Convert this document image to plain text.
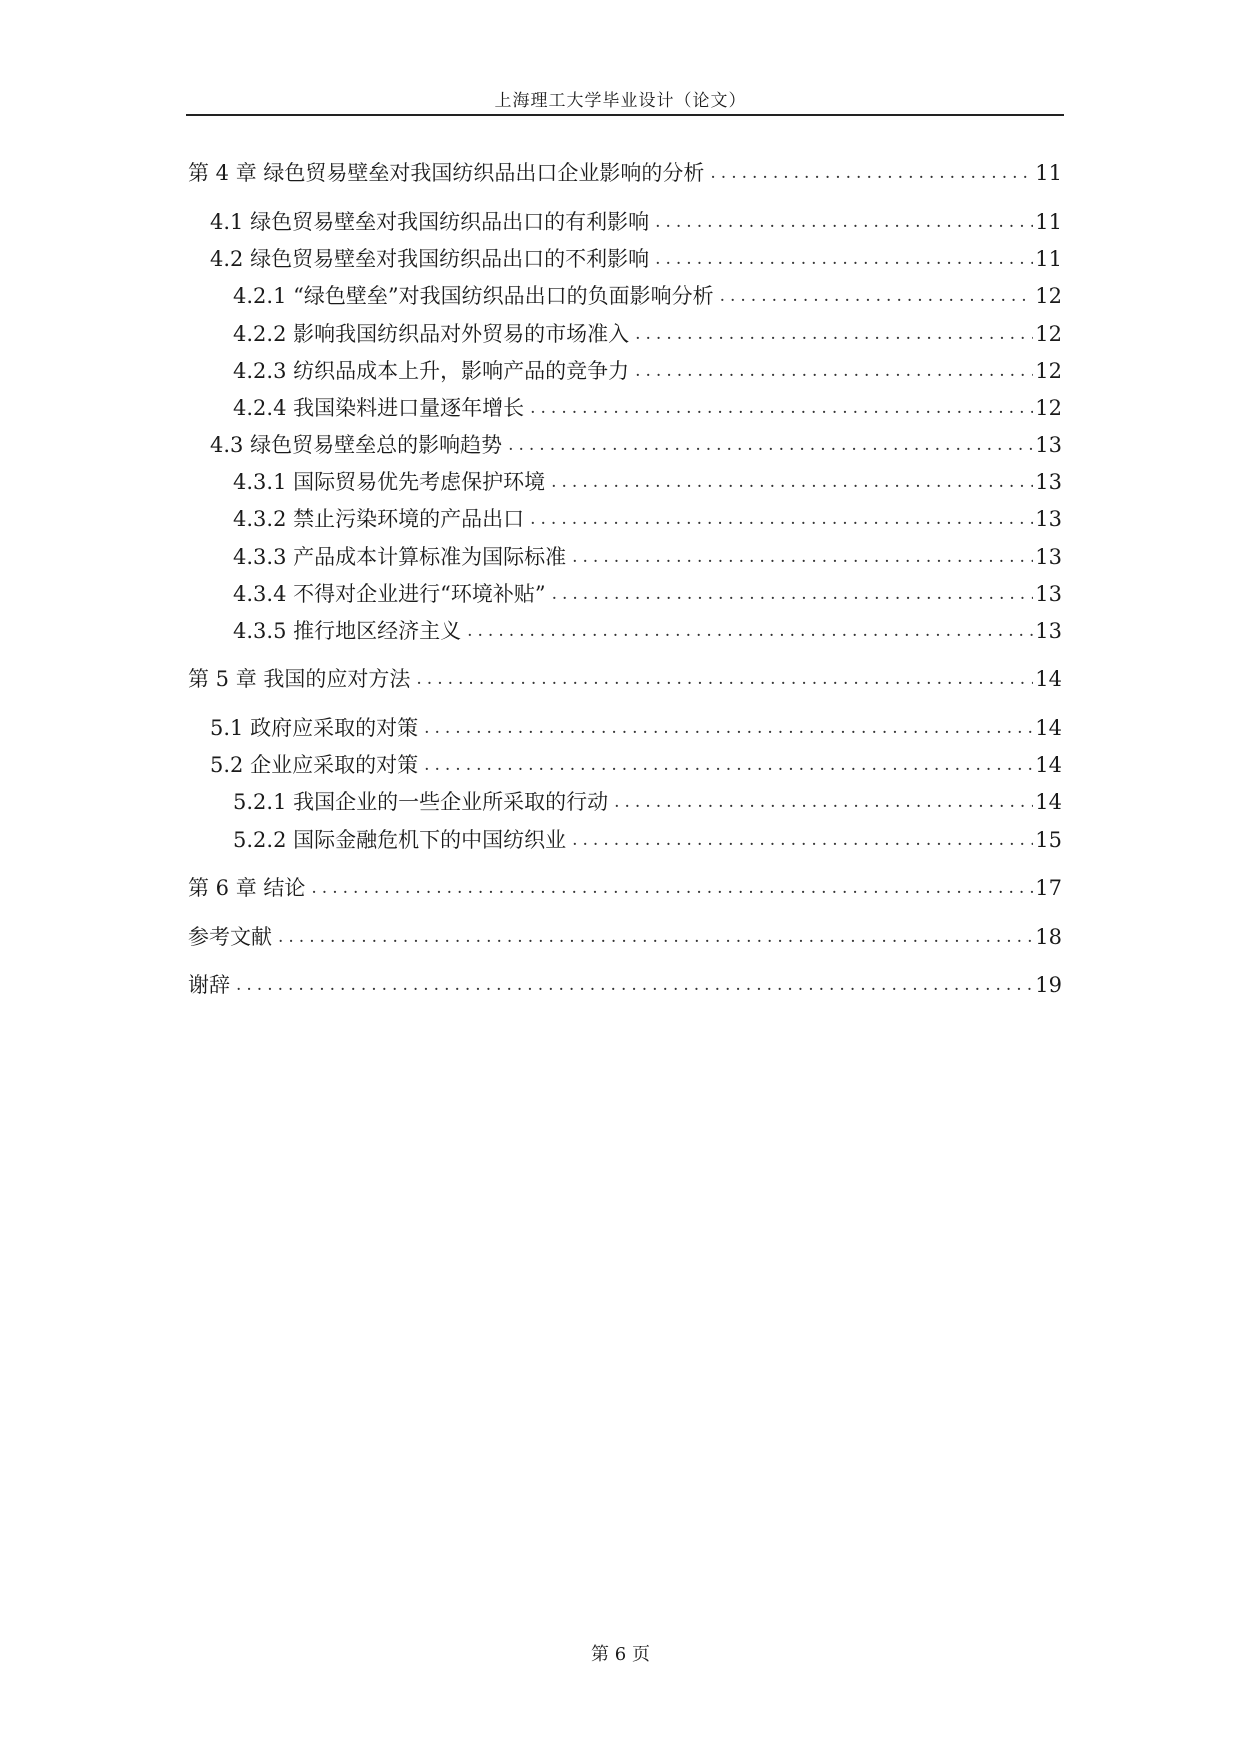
上海理工大学毕业设计（论文）
第 4 章 绿色贸易壁垒对我国纺织品出口企业影响的分析 .....	11
4.1 绿色贸易壁垒对我国纺织品出口的有利影响 .....	11
4.2 绿色贸易壁垒对我国纺织品出口的不利影响 .....	11
4.2.1 “绿色壁垒”对我国纺织品出口的负面影响分析 .....	12
4.2.2 影响我国纺织品对外贸易的市场准入 .....	12
4.2.3 纺织品成本上升，影响产品的竞争力 .....	12
4.2.4 我国染料进口量逐年增长 .....	12
4.3 绿色贸易壁垒总的影响趋势 .....	13
4.3.1 国际贸易优先考虑保护环境 .....	13
4.3.2 禁止污染环境的产品出口 .....	13
4.3.3 产品成本计算标准为国际标准 .....	13
4.3.4 不得对企业进行“环境补贴” .....	13
4.3.5 推行地区经济主义 .....	13
第 5 章 我国的应对方法 .....	14
5.1 政府应采取的对策 .....	14
5.2 企业应采取的对策 .....	14
5.2.1 我国企业的一些企业所采取的行动 .....	14
5.2.2 国际金融危机下的中国纺织业 .....	15
第 6 章 结论 .....	17
参考文献 .....	18
谢辞 .....	19
第 6 页
